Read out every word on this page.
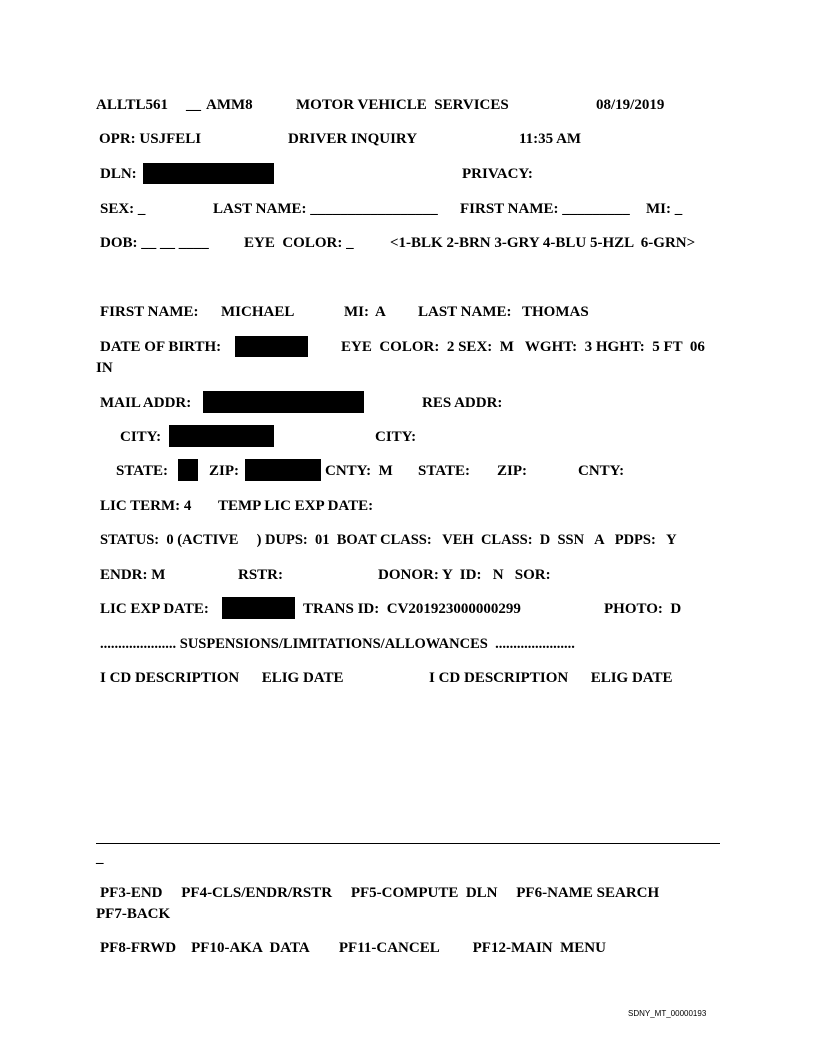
ALLTL561 __ AMM8	MOTOR VEHICLE  SERVICES	08/19/2019
OPR: USJFELI	DRIVER INQUIRY	11:35 AM
DLN:	PRIVACY:
SEX: _	LAST NAME: _________________ FIRST NAME: _________ MI: _
DOB: __ __ ____ EYE  COLOR: _ <1-BLK 2-BRN 3-GRY 4-BLU 5-HZL  6-GRN>
FIRST NAME: MICHAEL	MI: A LAST NAME: THOMAS
DATE OF BIRTH:	EYE  COLOR:  2 SEX:  M   WGHT:  3 HGHT:  5 FT  06
IN
MAIL ADDR:	RES ADDR:
CITY:	CITY:
STATE:	ZIP:	CNTY:  M STATE: ZIP:	CNTY:
LIC TERM: 4 TEMP LIC EXP DATE:
STATUS:  0 (ACTIVE     ) DUPS:  01  BOAT CLASS:   VEH  CLASS:  D  SSN   A   PDPS:   Y
ENDR: M	RSTR:	DONOR: Y  ID:   N   SOR:
LIC EXP DATE:	TRANS ID:  CV201923000000299	PHOTO:  D
..................... SUSPENSIONS/LIMITATIONS/ALLOWANCES  ......................
I CD DESCRIPTION      ELIG DATE	I CD DESCRIPTION      ELIG DATE
_
PF3-END     PF4-CLS/ENDR/RSTR     PF5-COMPUTE  DLN     PF6-NAME SEARCH
PF7-BACK
PF8-FRWD    PF10-AKA  DATA        PF11-CANCEL         PF12-MAIN  MENU
SDNY_MT_00000193
